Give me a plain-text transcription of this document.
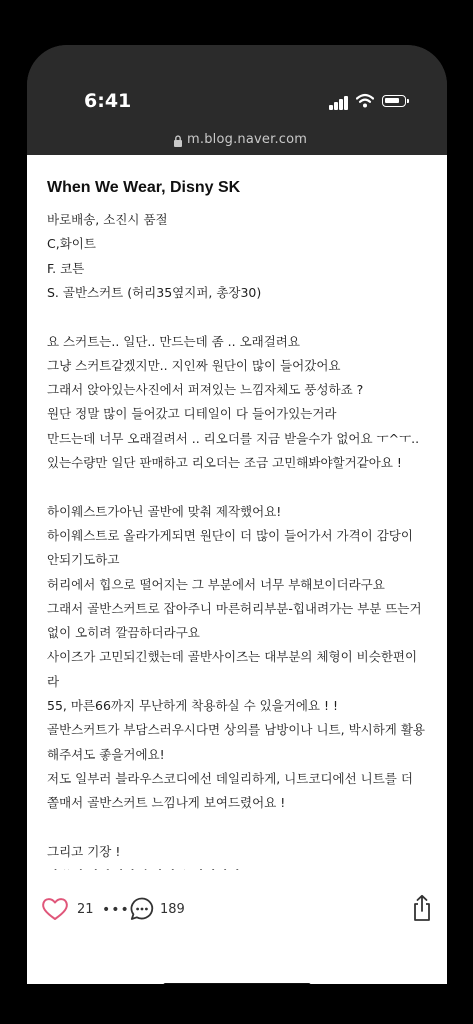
6:41
m.blog.naver.com
When We Wear, Disny SK
바로배송, 소진시 품절
C,화이트
F. 코튼
S. 골반스커트 (허리35옆지퍼, 총장30)
요 스커트는.. 일단.. 만드는데 좀 .. 오래걸려요
그냥 스커트같겠지만.. 지인짜 원단이 많이 들어갔어요
그래서 앉아있는사진에서 퍼져있는 느낌자체도 풍성하죠 ?
원단 정말 많이 들어갔고 디테일이 다 들어가있는거라
만드는데 너무 오래걸려서 .. 리오더를 지금 받을수가 없어요 ㅜ^ㅜ..
있는수량만 일단 판매하고 리오더는 조금 고민해봐야할거같아요 !
하이웨스트가아닌 골반에 맞춰 제작했어요!
하이웨스트로 올라가게되면 원단이 더 많이 들어가서 가격이 감당이
안되기도하고
허리에서 힙으로 떨어지는 그 부분에서 너무 부해보이더라구요
그래서 골반스커트로 잡아주니 마른허리부분-힙내려가는 부분 뜨는거
없이 오히려 깔끔하더라구요
사이즈가 고민되긴했는데 골반사이즈는 대부분의 체형이 비슷한편이
라
55, 마른66까지 무난하게 착용하실 수 있을거에요 ! !
골반스커트가 부담스러우시다면 상의를 남방이나 니트, 박시하게 활용
해주셔도 좋을거에요!
저도 일부러 블라우스코디에선 데일리하게, 니트코디에선 니트를 더
쫄매서 골반스커트 느낌나게 보여드렸어요 !
그리고 기장 !
21 ••• 189
